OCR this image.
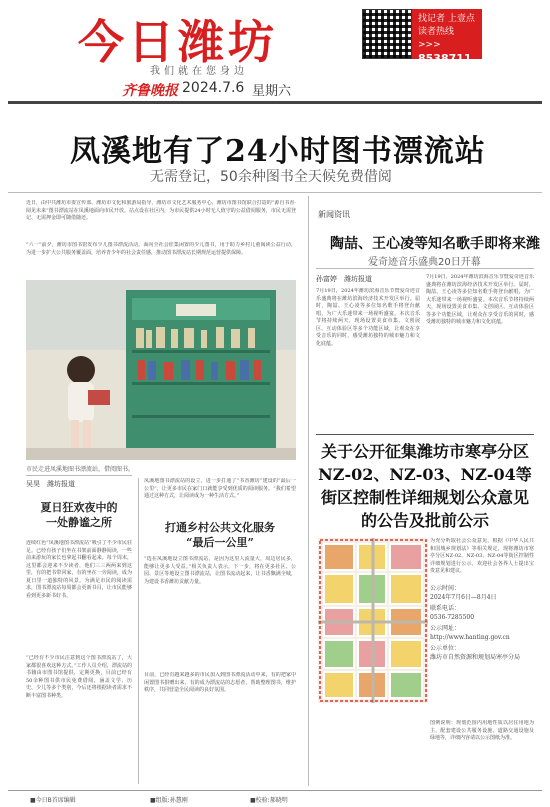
今日潍坊
我们就在您身边
齐鲁晚报 2024.7.6 星期六
找记者 上壹点
读者热线>>>
8538711
凤溪地有了24小时图书漂流站
无需登记，50余种图书全天候免费借阅
近日，由中共潍坊市委宣传部、潍坊市文化和旅游局指导，潍坊市文化艺术服务中心、潍坊市图书馆联合打造的“源自书香·阅见未来”图书漂流站在凤溪地面向市民开放。站点设在社区内，为市民提供24小时无人值守的公益借阅服务，市民无需登记、无需押金即可随借随还。
“六一”前夕，潍坊市图书馆发布少儿图书漂流活动，面向全社会征集闲置的少儿图书，用于助力乡村儿童阅读公益行动，为进一步扩大公共服务覆盖面，培养青少年的社会责任感，推动图书漂流站长期规范运营提供保障。
市民走进凤溪地图书漂流站，借阅图书。
吴昊　潍坊报道
夏日狂欢夜中的
一处静谧之所
连续红色“凤溪地图书漂流站”吸引了不少市民驻足。已经有孩子们坐在书架前面静静阅读，一些前来游玩的家长也拿起书翻看起来。每个周末，这里都会迎来不少读者，他们三三两两来到这里，有的把书带回家，有的坐在一旁阅读，成为夏日里一道独特的风景。为满足市民的阅读需求，图书漂流站每周都会更新书目，让市民能够看到更多新书好书。
“已经有不少市民注意到这个图书漂流站了，大家都很喜欢这种方式。”工作人员介绍，漂流站的书籍由市图书馆提供，定期更换，目前已经有50余种图书供市民免费借阅，涵盖文学、历史、少儿等多个类别，今后还将根据读者需求不断丰富图书种类。
凤溪地图书漂流站的设立，进一步打通了“书香潍坊”建设的“最后一公里”，让更多市民在家门口就能享受到优质的阅读服务。“我们希望通过这种方式，让阅读成为一种生活方式。”
打通乡村公共文化服务
“最后一公里”
“选在凤溪地设立图书漂流站，是因为这里人流量大，周边居民多，能够让更多人受益。”相关负责人表示，下一步，将在更多社区、公园、景区等地设立图书漂流站，让图书流动起来，让书香飘满全城，为建设书香潍坊贡献力量。
目前，已经有越来越多的市民加入到图书漂流活动中来，有的把家中闲置图书捐赠出来，有的成为漂流站的志愿者，帮助整理图书，维护秩序，共同营造全民阅读的良好氛围。
新闻资讯
陶喆、王心凌等知名歌手即将来潍
爱奇迹音乐盛典20日开幕
孙富婷　潍坊报道
7月19日，2024年潍坊滨海音乐节暨爱奇迹音乐盛典将在潍坊滨海经济技术开发区举行。届时，陶喆、王心凌等多位知名歌手将登台献唱，为广大乐迷带来一场视听盛宴。本次音乐节将持续两天，现场设置美食市集、文创展区、互动体验区等多个功能区域，让观众在享受音乐的同时，感受潍坊独特的城市魅力和文化底蕴。
7月19日，2024年潍坊滨海音乐节暨爱奇迹音乐盛典将在潍坊滨海经济技术开发区举行。届时，陶喆、王心凌等多位知名歌手将登台献唱，为广大乐迷带来一场视听盛宴。本次音乐节将持续两天，现场设置美食市集、文创展区、互动体验区等多个功能区域，让观众在享受音乐的同时，感受潍坊独特的城市魅力和文化底蕴。
关于公开征集潍坊市寒亭分区NZ-02、NZ-03、NZ-04等街区控制性详细规划公众意见的公告及批前公示
为充分听取社会公众意见，根据《中华人民共和国城乡规划法》等相关规定，现将潍坊市寒亭分区NZ-02、NZ-03、NZ-04等街区控制性详细规划进行公示，欢迎社会各界人士提出宝贵意见和建议。
公示时间：
2024年7月6日—8月4日
联系电话：
0536-7285500
公示网址：
http://www.hanting.gov.cn
公示单位：
潍坊市自然资源和规划局寒亭分局
图例说明：规划范围内用地性质以居住用地为主，配套建设公共服务设施、道路交通设施及绿地等，详细内容请以公示图纸为准。
■今日B首席编辑	■组版:孙慧刚	■校验:郝晓明
